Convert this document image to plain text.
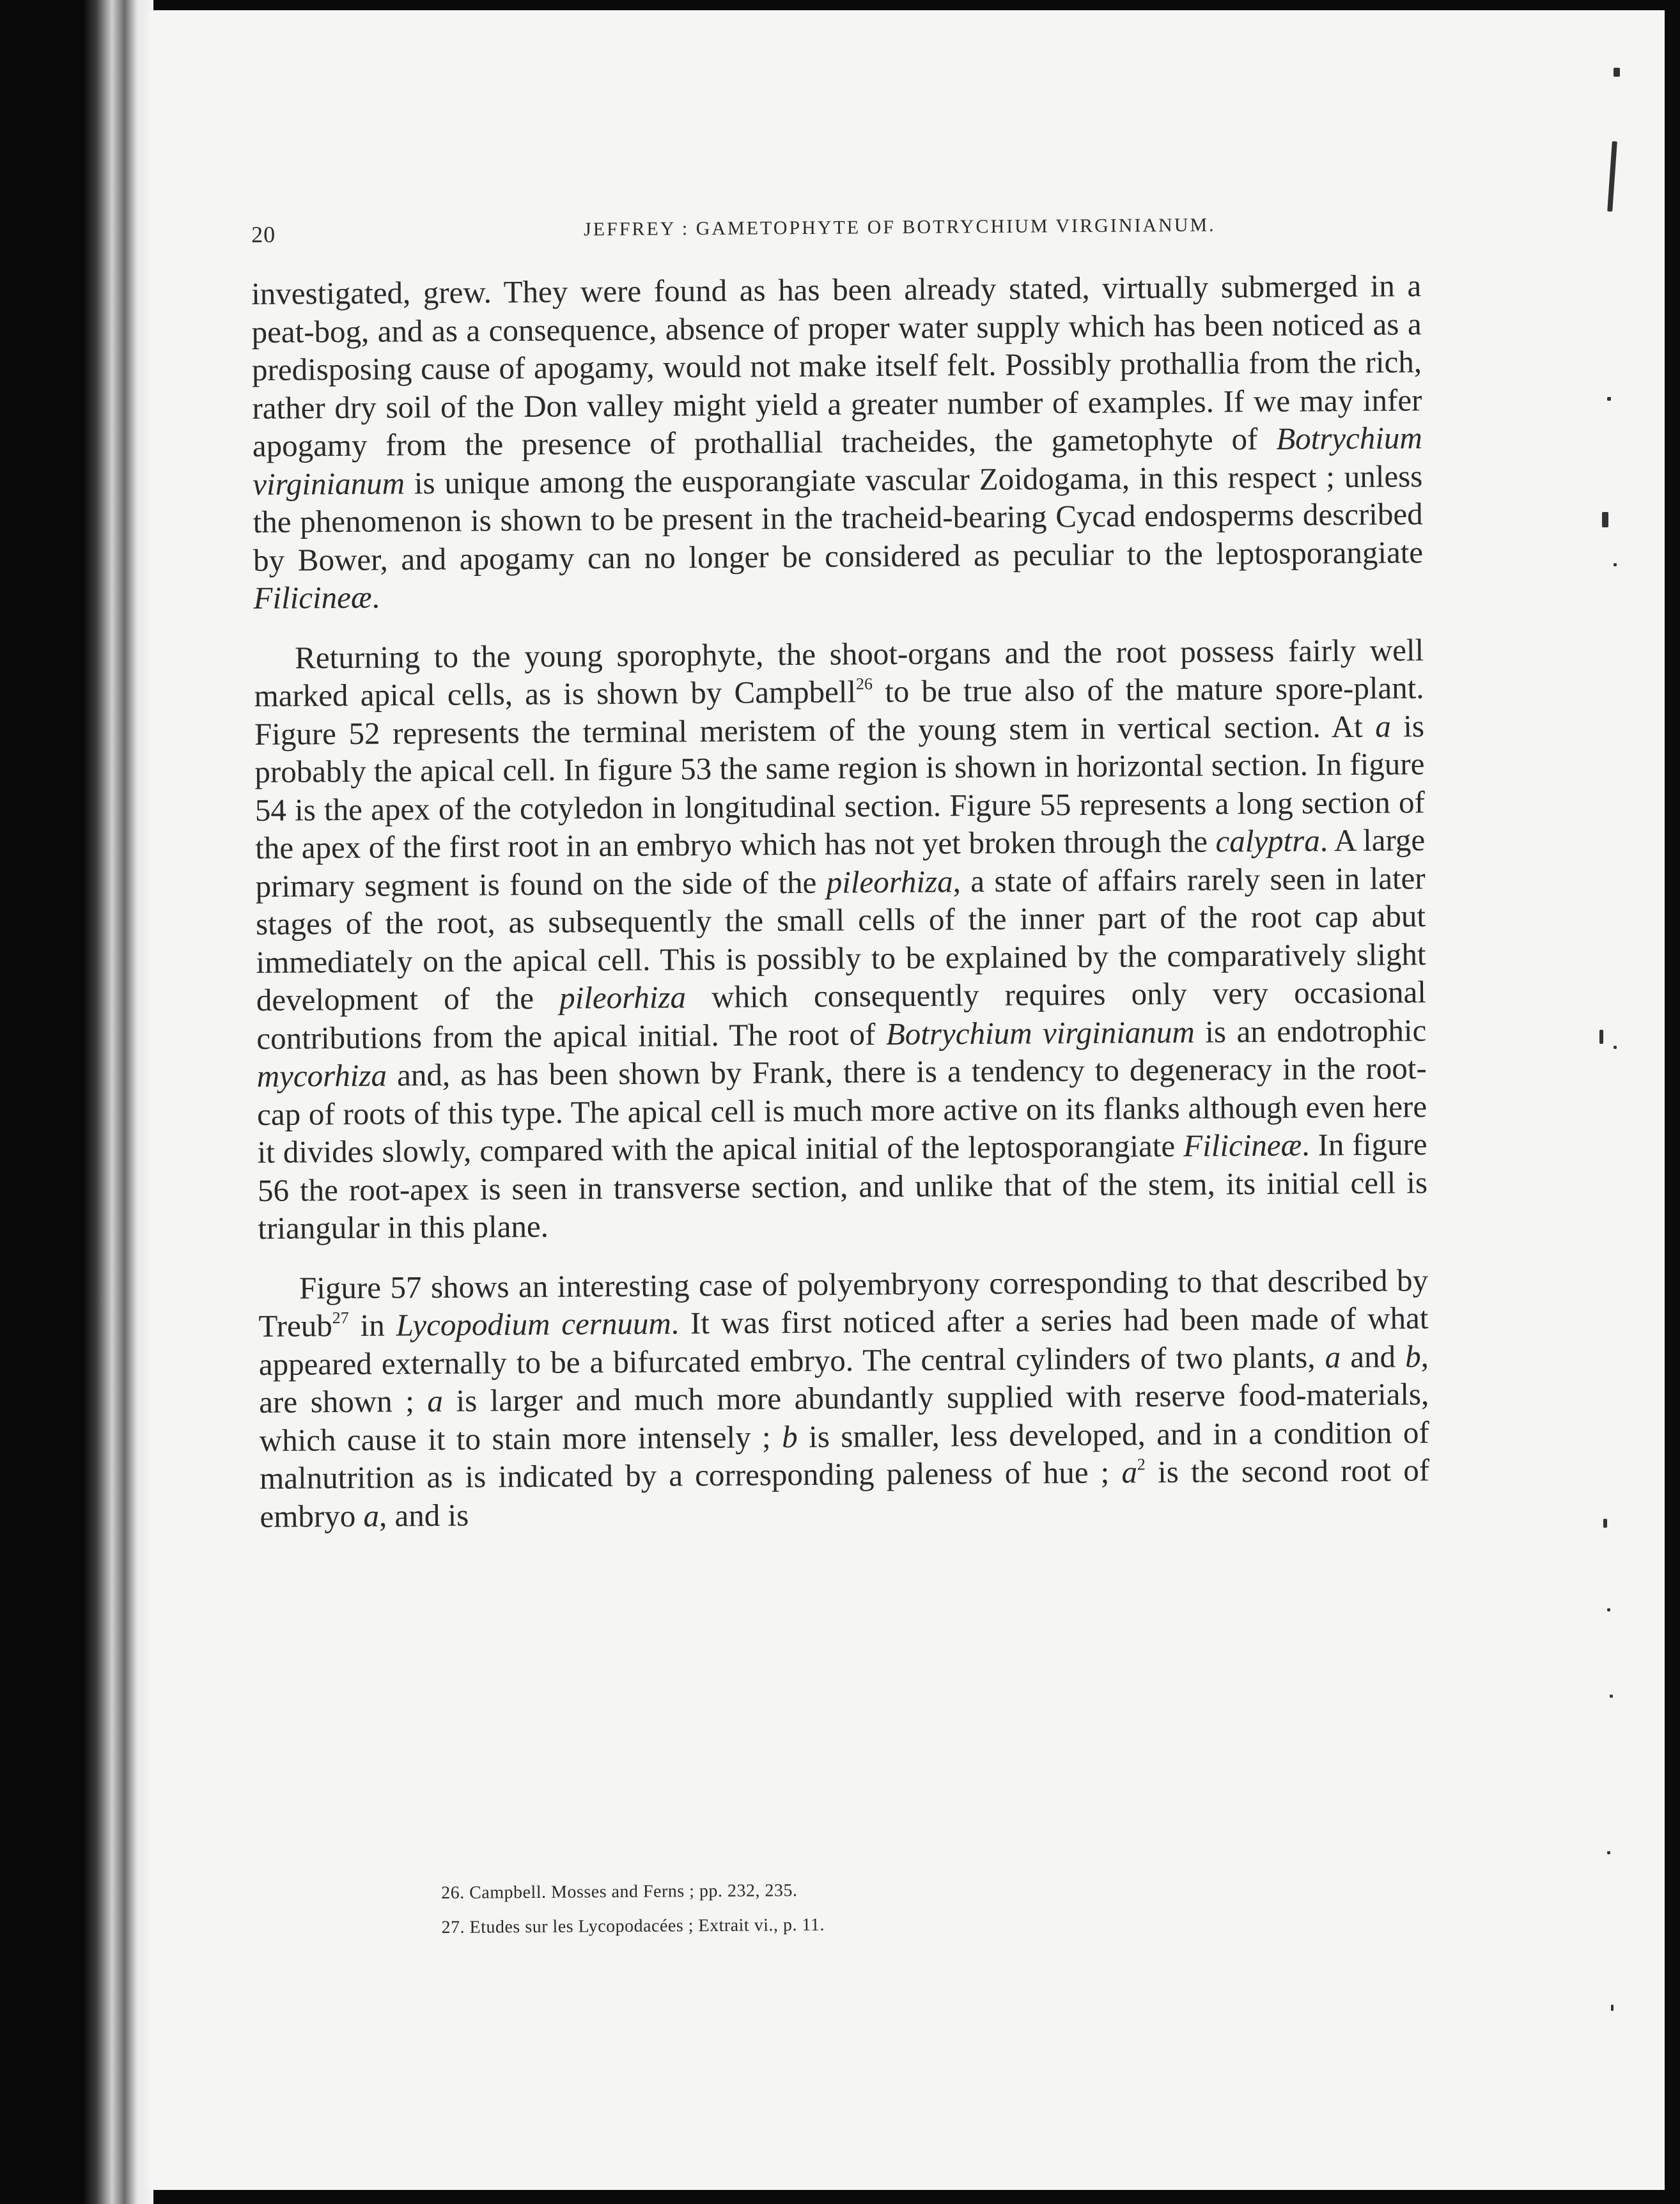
20	JEFFREY : GAMETOPHYTE OF BOTRYCHIUM VIRGINIANUM.

investigated, grew. They were found as has been already stated, virtually submerged in a peat-bog, and as a consequence, absence of proper water supply which has been noticed as a predisposing cause of apogamy, would not make itself felt. Possibly prothallia from the rich, rather dry soil of the Don valley might yield a greater number of examples. If we may infer apogamy from the presence of prothallial tracheides, the gametophyte of Botrychium virginianum is unique among the eusporangiate vascular Zoidogama, in this respect ; unless the phenomenon is shown to be present in the tracheid-bearing Cycad endosperms described by Bower, and apogamy can no longer be considered as peculiar to the leptosporangiate Filicineæ.

Returning to the young sporophyte, the shoot-organs and the root possess fairly well marked apical cells, as is shown by Campbell$^{26}$ to be true also of the mature spore-plant. Figure 52 represents the terminal meristem of the young stem in vertical section. At a is probably the apical cell. In figure 53 the same region is shown in horizontal section. In figure 54 is the apex of the cotyledon in longitudinal section. Figure 55 represents a long section of the apex of the first root in an embryo which has not yet broken through the calyptra. A large primary segment is found on the side of the pileorhiza, a state of affairs rarely seen in later stages of the root, as subsequently the small cells of the inner part of the root cap abut immediately on the apical cell. This is possibly to be explained by the comparatively slight development of the pileorhiza which consequently requires only very occasional contributions from the apical initial. The root of Botrychium virginianum is an endotrophic mycorhiza and, as has been shown by Frank, there is a tendency to degeneracy in the root-cap of roots of this type. The apical cell is much more active on its flanks although even here it divides slowly, compared with the apical initial of the leptosporangiate Filicineæ. In figure 56 the root-apex is seen in transverse section, and unlike that of the stem, its initial cell is triangular in this plane.

Figure 57 shows an interesting case of polyembryony corresponding to that described by Treub$^{27}$ in Lycopodium cernuum. It was first noticed after a series had been made of what appeared externally to be a bifurcated embryo. The central cylinders of two plants, a and b, are shown ; a is larger and much more abundantly supplied with reserve food-materials, which cause it to stain more intensely ; b is smaller, less developed, and in a condition of malnutrition as is indicated by a corresponding paleness of hue ; $a^2$ is the second root of embryo a, and is

26. Campbell. Mosses and Ferns ; pp. 232, 235.
27. Etudes sur les Lycopodacées ; Extrait vi., p. 11.
